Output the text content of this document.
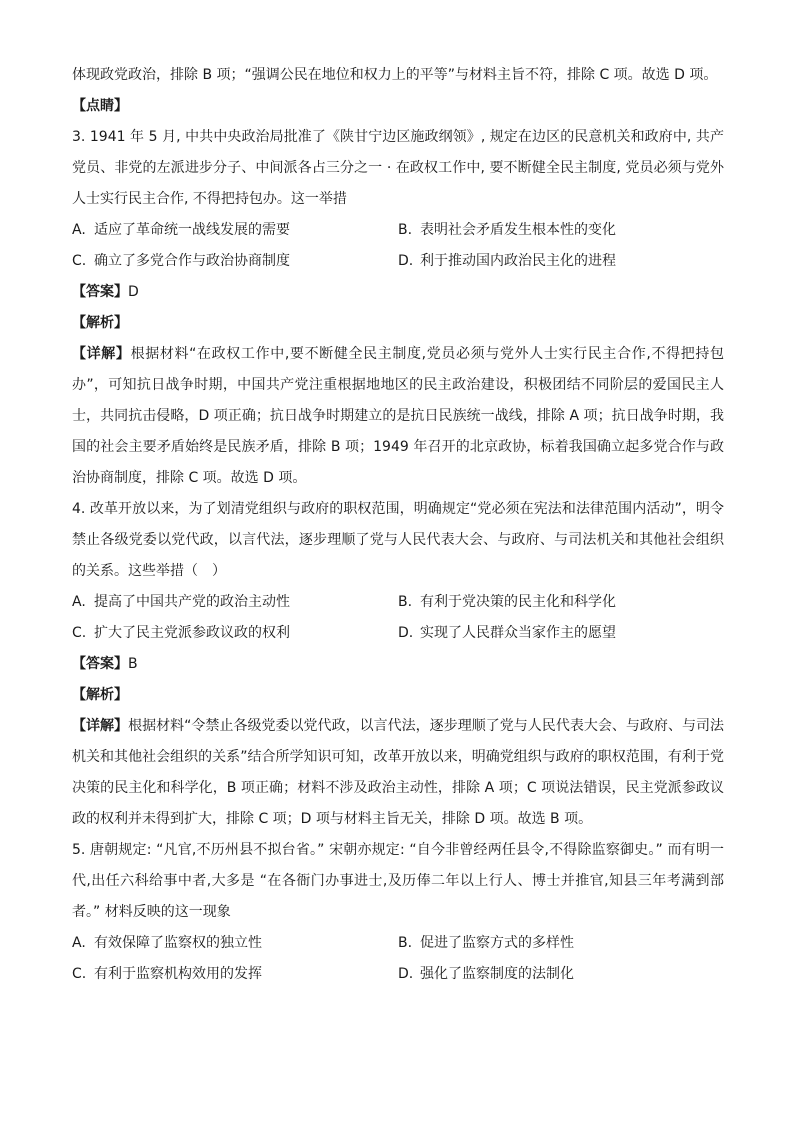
体现政党政治，排除 B 项；“强调公民在地位和权力上的平等”与材料主旨不符，排除 C 项。故选 D 项。
【点睛】
3. 1941 年 5 月, 中共中央政治局批准了《陕甘宁边区施政纲领》, 规定在边区的民意机关和政府中, 共产党员、非党的左派进步分子、中间派各占三分之一 · 在政权工作中, 要不断健全民主制度, 党员必须与党外人士实行民主合作, 不得把持包办。这一举措
A. 适应了革命统一战线发展的需要	B. 表明社会矛盾发生根本性的变化
C. 确立了多党合作与政治协商制度	D. 利于推动国内政治民主化的进程
【答案】D
【解析】
【详解】根据材料“在政权工作中,要不断健全民主制度,党员必须与党外人士实行民主合作,不得把持包办”，可知抗日战争时期，中国共产党注重根据地地区的民主政治建设，积极团结不同阶层的爱国民主人士，共同抗击侵略，D 项正确；抗日战争时期建立的是抗日民族统一战线，排除 A 项；抗日战争时期，我国的社会主要矛盾始终是民族矛盾，排除 B 项；1949 年召开的北京政协，标着我国确立起多党合作与政治协商制度，排除 C 项。故选 D 项。
4. 改革开放以来，为了划清党组织与政府的职权范围，明确规定“党必须在宪法和法律范围内活动”，明令禁止各级党委以党代政，以言代法，逐步理顺了党与人民代表大会、与政府、与司法机关和其他社会组织的关系。这些举措（　）
A. 提高了中国共产党的政治主动性	B. 有利于党决策的民主化和科学化
C. 扩大了民主党派参政议政的权利	D. 实现了人民群众当家作主的愿望
【答案】B
【解析】
【详解】根据材料“令禁止各级党委以党代政，以言代法，逐步理顺了党与人民代表大会、与政府、与司法机关和其他社会组织的关系”结合所学知识可知，改革开放以来，明确党组织与政府的职权范围，有利于党决策的民主化和科学化，B 项正确；材料不涉及政治主动性，排除 A 项；C 项说法错误，民主党派参政议政的权利并未得到扩大，排除 C 项；D 项与材料主旨无关，排除 D 项。故选 B 项。
5. 唐朝规定: “凡官,不历州县不拟台省。” 宋朝亦规定: “自今非曾经两任县令,不得除监察御史。” 而有明一代,出任六科给事中者,大多是 “在各衙门办事进士,及历俸二年以上行人、博士并推官,知县三年考满到部者。” 材料反映的这一现象
A. 有效保障了监察权的独立性	B. 促进了监察方式的多样性
C. 有利于监察机构效用的发挥	D. 强化了监察制度的法制化
